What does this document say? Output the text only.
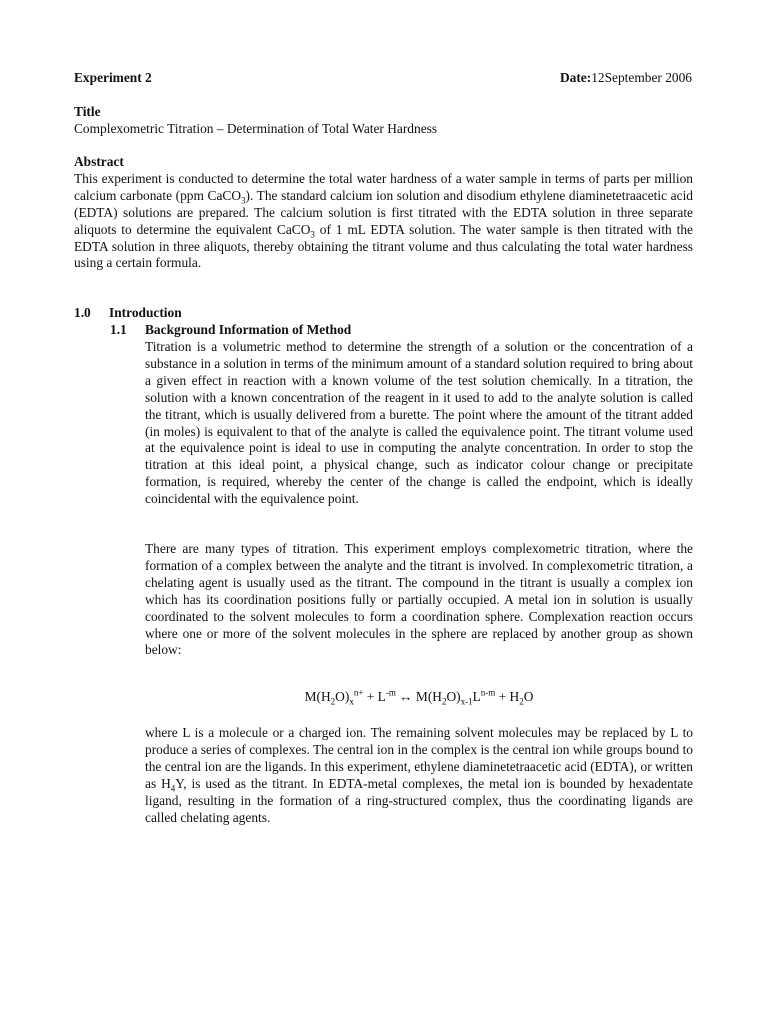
Experiment 2	Date:12September 2006
Title
Complexometric Titration – Determination of Total Water Hardness
Abstract
This experiment is conducted to determine the total water hardness of a water sample in terms of parts per million calcium carbonate (ppm CaCO$_3$). The standard calcium ion solution and disodium ethylene diaminetetraacetic acid (EDTA) solutions are prepared. The calcium solution is first titrated with the EDTA solution in three separate aliquots to determine the equivalent CaCO$_3$ of 1 mL EDTA solution. The water sample is then titrated with the EDTA solution in three aliquots, thereby obtaining the titrant volume and thus calculating the total water hardness using a certain formula.
1.0 Introduction
1.1 Background Information of Method
Titration is a volumetric method to determine the strength of a solution or the concentration of a substance in a solution in terms of the minimum amount of a standard solution required to bring about a given effect in reaction with a known volume of the test solution chemically. In a titration, the solution with a known concentration of the reagent in it used to add to the analyte solution is called the titrant, which is usually delivered from a burette. The point where the amount of the titrant added (in moles) is equivalent to that of the analyte is called the equivalence point. The titrant volume used at the equivalence point is ideal to use in computing the analyte concentration. In order to stop the titration at this ideal point, a physical change, such as indicator colour change or precipitate formation, is required, whereby the center of the change is called the endpoint, which is ideally coincidental with the equivalence point.
There are many types of titration. This experiment employs complexometric titration, where the formation of a complex between the analyte and the titrant is involved. In complexometric titration, a chelating agent is usually used as the titrant. The compound in the titrant is usually a complex ion which has its coordination positions fully or partially occupied. A metal ion in solution is usually coordinated to the solvent molecules to form a coordination sphere. Complexation reaction occurs where one or more of the solvent molecules in the sphere are replaced by another group as shown below:
$M(H_2O)_x^{n+} + L^{-m}$ ↔ $M(H_2O)_{x-1}L^{n-m} + H_2O$
where L is a molecule or a charged ion. The remaining solvent molecules may be replaced by L to produce a series of complexes. The central ion in the complex is the central ion while groups bound to the central ion are the ligands. In this experiment, ethylene diaminetetraacetic acid (EDTA), or written as $H_4Y$, is used as the titrant. In EDTA-metal complexes, the metal ion is bounded by hexadentate ligand, resulting in the formation of a ring-structured complex, thus the coordinating ligands are called chelating agents.
